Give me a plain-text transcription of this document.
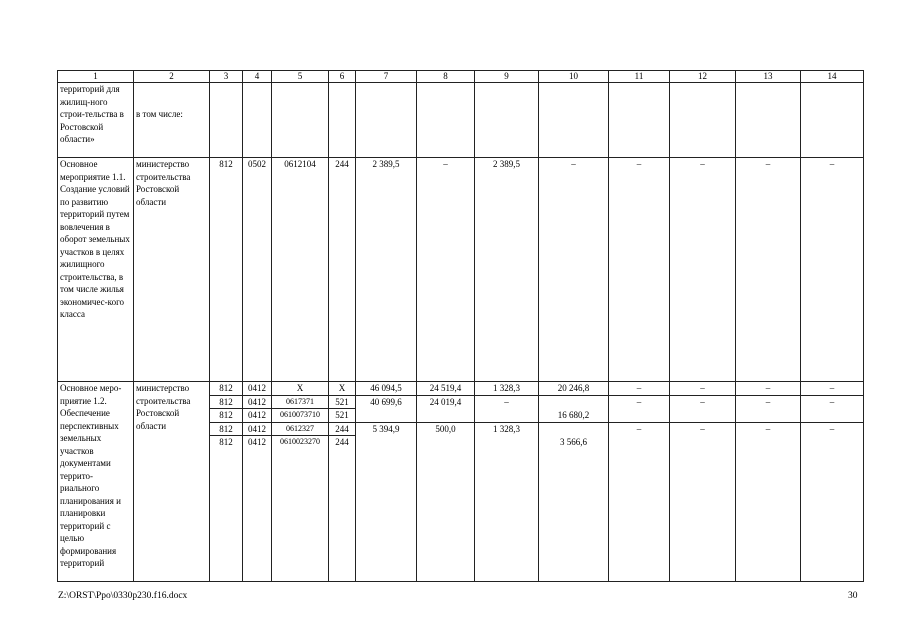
1	2	3	4	5	6	7	8	9	10	11	12	13	14
территорий для жилищ-ного строи-тельства в Ростовской области»	в том числе:												
Основное мероприятие 1.1. Создание условий по развитию территорий путем вовлечения в оборот земельных участков в целях жилищного строительства, в том числе жилья экономичес-кого класса	министерство строительства Ростовской области	812	0502	0612104	244	2 389,5	–	2 389,5	–	–	–	–	–
Основное меро-приятие 1.2. Обеспечение перспективных земельных участков документами террито-риального планирования и планировки территорий с целью формирования территорий	министерство строительства Ростовской области	812	0412	Х	Х	46 094,5	24 519,4	1 328,3	20 246,8	–	–	–	–
		812	0412	0617371	521	40 699,6	24 019,4	–		–	–	–	–
		812	0412	0610073710	521				16 680,2				
		812	0412	0612327	244	5 394,9	500,0	1 328,3		–	–	–	–
		812	0412	0610023270	244				3 566,6				
Z:\ORST\Ppo\0330p230.f16.docx	30
